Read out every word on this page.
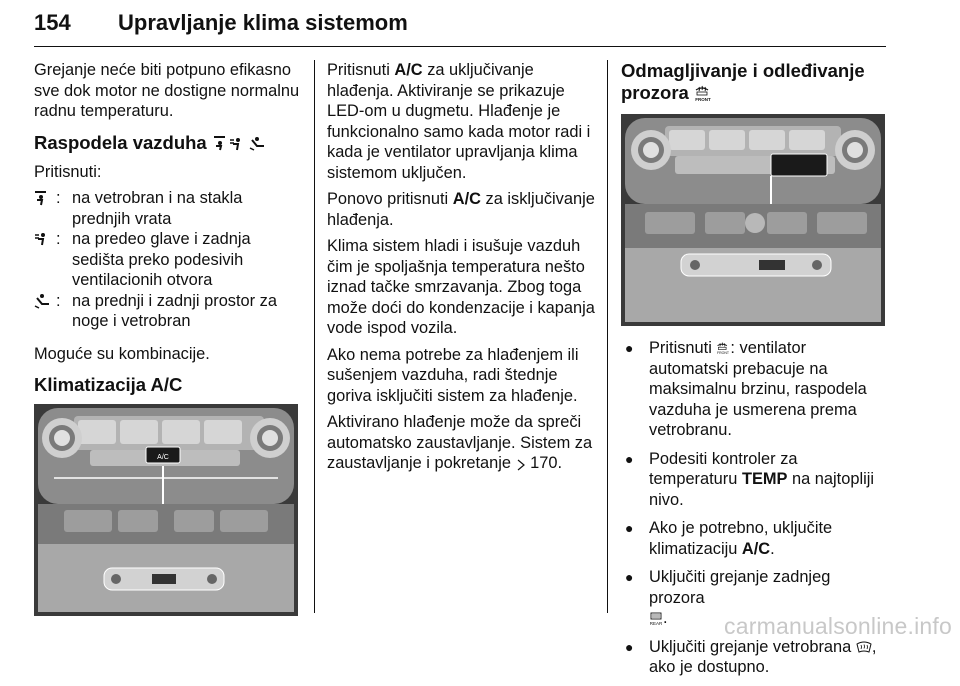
154 Upravljanje klima sistemom

Grejanje neće biti potpuno efikasno sve dok motor ne dostigne normalnu radnu temperaturu.

Raspodela vazduha

Pritisnuti:

: na vetrobran i na stakla prednjih vrata
: na predeo glave i zadnja sedišta preko podesivih ventilacionih otvora
: na prednji i zadnji prostor za noge i vetrobran

Moguće su kombinacije.

Klimatizacija A/C
A/C

Pritisnuti A/C za uključivanje hlađenja. Aktiviranje se prikazuje LED-om u dugmetu. Hlađenje je funkcionalno samo kada motor radi i kada je ventilator upravljanja klima sistemom uključen.

Ponovo pritisnuti A/C za isključivanje hlađenja.

Klima sistem hladi i isušuje vazduh čim je spoljašnja temperatura nešto iznad tačke smrzavanja. Zbog toga može doći do kondenzacije i kapanja vode ispod vozila.

Ako nema potrebe za hlađenjem ili sušenjem vazduha, radi štednje goriva isključiti sistem za hlađenje.

Aktivirano hlađenje može da spreči automatsko zaustavljanje. Sistem za zaustavljanje i pokretanje  170.

Odmagljivanje i odleđivanje prozora FRONT
● Pritisnuti FRONT : ventilator automatski prebacuje na maksimalnu brzinu, raspodela vazduha je usmerena prema vetrobranu.
● Podesiti kontroler za temperaturu TEMP na najtopliji nivo.
● Ako je potrebno, uključite klimatizaciju A/C.
● Uključiti grejanje zadnjeg prozora

REAR .
● Uključiti grejanje vetrobrana , ako je dostupno.
carmanualsonline.info
